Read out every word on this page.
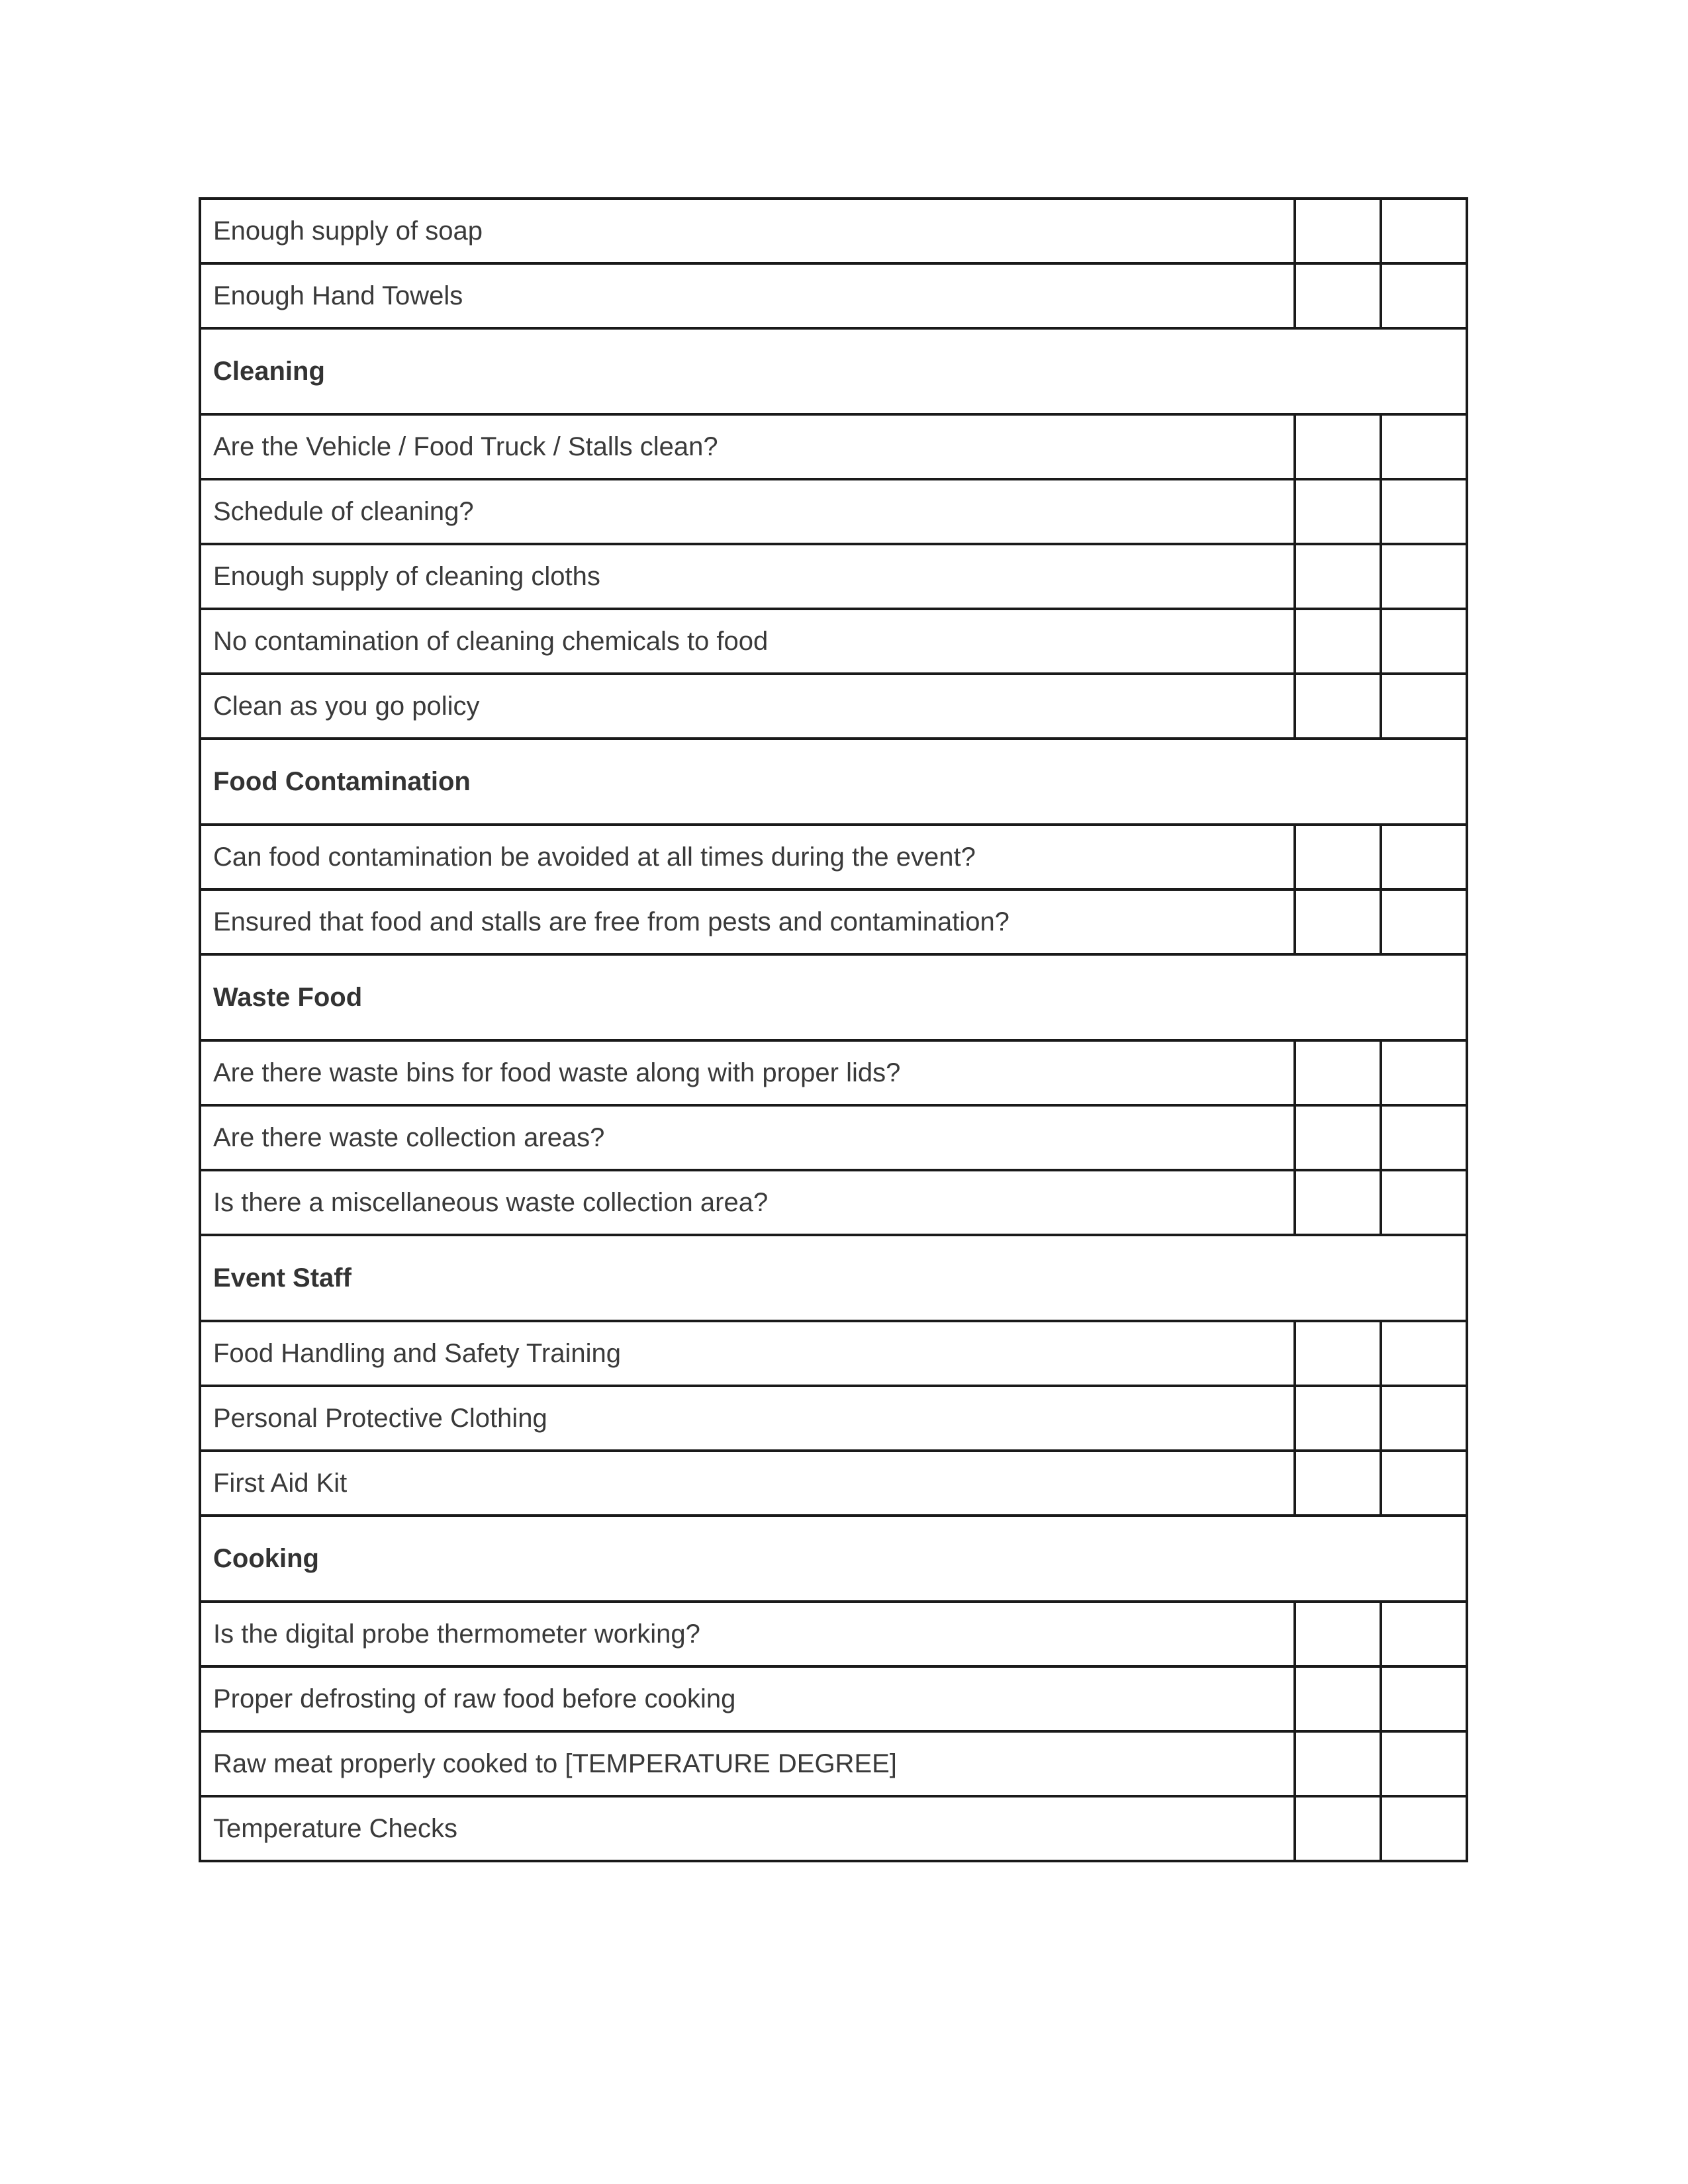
Enough supply of soap		
Enough Hand Towels		
Cleaning		
Are the Vehicle / Food Truck / Stalls clean?		
Schedule of cleaning?		
Enough supply of cleaning cloths		
No contamination of cleaning chemicals to food		
Clean as you go policy		
Food Contamination		
Can food contamination be avoided at all times during the event?		
Ensured that food and stalls are free from pests and contamination?		
Waste Food		
Are there waste bins for food waste along with proper lids?		
Are there waste collection areas?		
Is there a miscellaneous waste collection area?		
Event Staff		
Food Handling and Safety Training		
Personal Protective Clothing		
First Aid Kit		
Cooking		
Is the digital probe thermometer working?		
Proper defrosting of raw food before cooking		
Raw meat properly cooked to [TEMPERATURE DEGREE]		
Temperature Checks		
